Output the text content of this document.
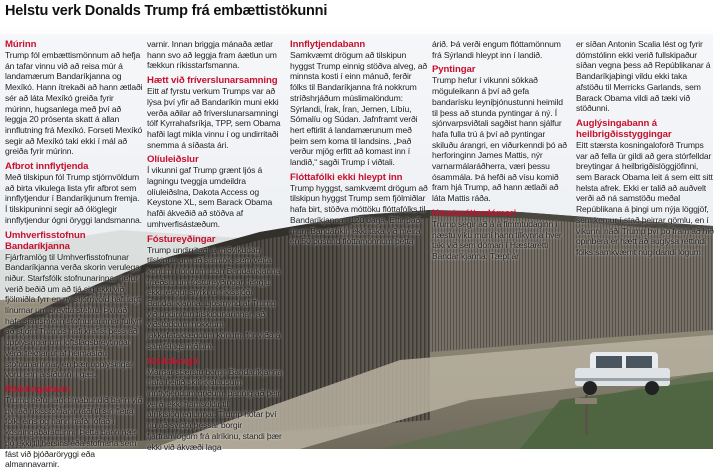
Helstu verk Donalds Trump frá embættistökunni
Múrinn

Trump fól embættismönnum að hefja án tafar vinnu við að reisa múr á landamærum Bandaríkjanna og Mexíkó. Hann ítrekaði að hann ætlaði sér að láta Mexíkó greiða fyrir múrinn, hugsanlega með því að leggja 20 prósenta skatt á allan innflutning frá Mexíkó. Forseti Mexíkó segir að Mexíkó taki ekki í mál að greiða fyrir múrinn.

Afbrot innflytjenda

Með tilskipun fól Trump stjórnvöldum að birta vikulega lista yfir afbrot sem innflytjendur í Bandaríkjunum fremja. Í tilskipuninni segir að ólöglegir innflytjendur ógni öryggi landsmanna.

Umhverfisstofnun Bandaríkjanna

Fjárframlög til Umhverfisstofnunar Bandaríkjanna verða skorin verulega niður. Starfsfólk stofnunarinnar hefur verið beðið um að tjá sig ekki við fjölmiðla fyrr en ný stjórnvöld hafi lagt línurnar um breytta stefnu. Því að hafa starfsmenn stofnunarinnar fullyrt að stjórn Trumps hafi krafist þess að upplýsingar um loftslagsbreytingar verði teknar út af heimasíðu stofnunarinnar, en þær upplýsingar voru enn á síðunni í gær.

Ráðningabann

Trump hefur lagt tímabundið bann við því að ríkisstofnanir ráði til sín fleira fólk, eins og hann hafði lofað í kosningabaráttunni. Þetta bann nær þó ekki til hersins eða stofnana sem fást við þjóðaröryggi eða almannavarnir.

varnir. Innan briggja mánaða ætlar hann svo að leggja fram áætlun um fækkun ríkisstarfsmanna.

Hætt við fríverslunarsamning

Eitt af fyrstu verkum Trumps var að lýsa því yfir að Bandaríkin muni ekki verða aðilar að fríverslunarsamningi tólf Kyrrahafsríkja, TPP, sem Obama hafði lagt mikla vinnu í og undirritaði snemma á síðasta ári.

Olíuleiðslur

Í vikunni gaf Trump grænt ljós á lagningu tveggja umdeildra olíuleiðslna, Dakota Access og Keystone XL, sem Barack Obama hafði ákveðið að stöðva af umhverfisástæðum.

Fóstureyðingar

Trump undirritaði á miðvikudag tilskipun um að samtök, sem veita konum í löndum utan Bandaríkjanna fræðslu um fóstureyðingar, fengju ekki lengur styrki úr ríkissjóði Bandaríkjanna. Ljósmynd af Trump við undirritun tilskipunarinnar, að viðstöddum nokkrum jakkafataklæddum körlum, fór víða á samfélagsmiðlum.

Griðaborgir

Margar stærstu borgir Bandaríkjanna hafa heitið skilríkjalausum innflytjendum griðum, þannig að þeir verði ekki framseldir til alríkislögreglunnar. Trump hótar því nú að svipta þessar borgir fjárframlögum frá alríkinu, standi þær ekki við ákvæði laga

Innflytjendabann

Samkvæmt drögum að tilskipun hyggst Trump einnig stöðva alveg, að minnsta kosti í einn mánuð, ferðir fólks til Bandaríkjanna frá nokkrum stríðshrjáðum múslimalöndum: Sýrlandi, Írak, Íran, Jemen, Líbíu, Sómalíu og Súdan. Jafnframt verði hert eftirlit á landamærunum með þeim sem koma til landsins. „Það verður mjög erfitt að komast inn í landið,“ sagði Trump í viðtali.

Flóttafólki ekki hleypt inn

Trump hyggst, samkvæmt drögum að tilskipun hyggst Trump sem fjölmiðlar hafa birt, stöðva móttöku flóttafólks til Bandaríkjanna í 120 daga. Eftir það muni Bandaríkin ekki taka við meira en 50 þúsund flóttamönnum þetta

árið. Þá verði engum flóttamönnum frá Sýrlandi hleypt inn í landið.

Pyntingar

Trump hefur í vikunni sökkað möguleikann á því að gefa bandarísku leyniþjónustunni heimild til þess að stunda pyntingar á ný. Í sjónvarpsviðtali sagðist hann sjálfur hafa fulla trú á því að pyntingar skiluðu árangri, en viðurkenndi þó að herforinginn James Mattis, nýr varnarmálaráðherra, væri þessu ósammála. Þá hefði að vísu komið fram hjá Trump, að hann ætlaði að láta Mattis ráða.

Hæstaréttardómari

Trump segir að á á fimmtudaginn í næstu viku muni hann tilkynna hver taki við sem dómari í Hæstarétti Bandaríkjanna. Tæpt ár

er síðan Antonin Scalia lést og fyrir dómstólinn ekki verið fullskipaður síðan vegna þess að Repúblikanar á Bandaríkjaþingi vildu ekki taka afstöðu til Merricks Garlands, sem Barack Obama vildi að tæki við stöðunni.

Auglýsingabann á heilbrigðisstyggingar

Eitt stærsta kosningaloforð Trumps var að fella úr gildi að gera stórfelldar breytingar á heilbrigðislöggjöfinni, sem Barack Obama leit á sem eitt sitt helsta afrek. Ekki er talið að auðvelt verði að ná samstöðu meðal Repúblikana á þingi um nýja löggjöf, sem kemur í stað þeirrar gömlu, en í vikunni náði Trump því þó fram að hið opinbera er hætt að auglýsa réttindi fólks samkvæmt núgildandi lögum.
